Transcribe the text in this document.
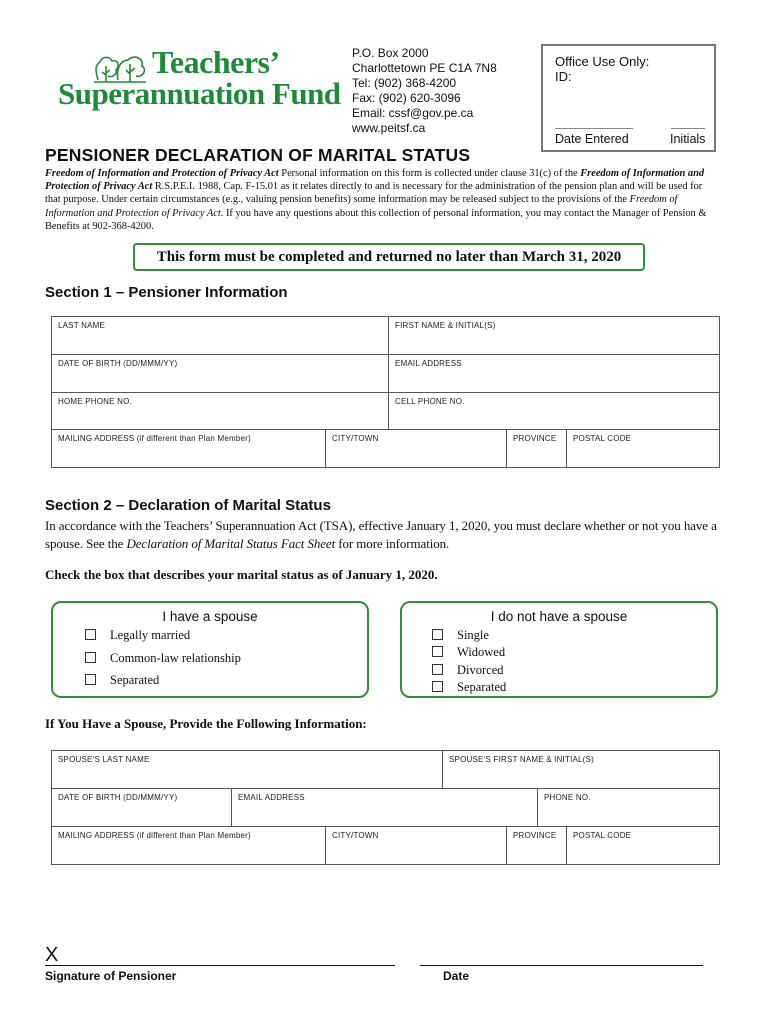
Teachers’
Superannuation Fund
P.O. Box 2000
Charlottetown PE C1A 7N8
Tel: (902) 368-4200
Fax: (902) 620-3096
Email: cssf@gov.pe.ca
www.peitsf.ca
Office Use Only:
ID:
Date Entered	Initials
PENSIONER DECLARATION OF MARITAL STATUS
Freedom of Information and Protection of Privacy Act Personal information on this form is collected under clause 31(c) of the Freedom of Information and Protection of Privacy Act R.S.P.E.I. 1988, Cap. F-15.01 as it relates directly to and is necessary for the administration of the pension plan and will be used for that purpose. Under certain circumstances (e.g., valuing pension benefits) some information may be released subject to the provisions of the Freedom of Information and Protection of Privacy Act. If you have any questions about this collection of personal information, you may contact the Manager of Pension & Benefits at 902-368-4200.
This form must be completed and returned no later than March 31, 2020
Section 1 – Pensioner Information
LAST NAME	FIRST NAME & INITIAL(S)
DATE OF BIRTH (DD/MMM/YY)	EMAIL ADDRESS
HOME PHONE NO.	CELL PHONE NO.
MAILING ADDRESS (if different than Plan Member)	CITY/TOWN	PROVINCE POSTAL CODE
Section 2 – Declaration of Marital Status
In accordance with the Teachers’ Superannuation Act (TSA), effective January 1, 2020, you must declare whether or not you have a spouse. See the Declaration of Marital Status Fact Sheet for more information.
Check the box that describes your marital status as of January 1, 2020.
I have a spouse
Legally married
Common-law relationship
Separated
I do not have a spouse
Single
Widowed
Divorced
Separated
If You Have a Spouse, Provide the Following Information:
SPOUSE’S LAST NAME	SPOUSE’S FIRST NAME & INITIAL(S)
DATE OF BIRTH (DD/MMM/YY)	EMAIL ADDRESS	PHONE NO.
MAILING ADDRESS (if different than Plan Member)	CITY/TOWN	PROVINCE POSTAL CODE
X
Signature of Pensioner	Date
